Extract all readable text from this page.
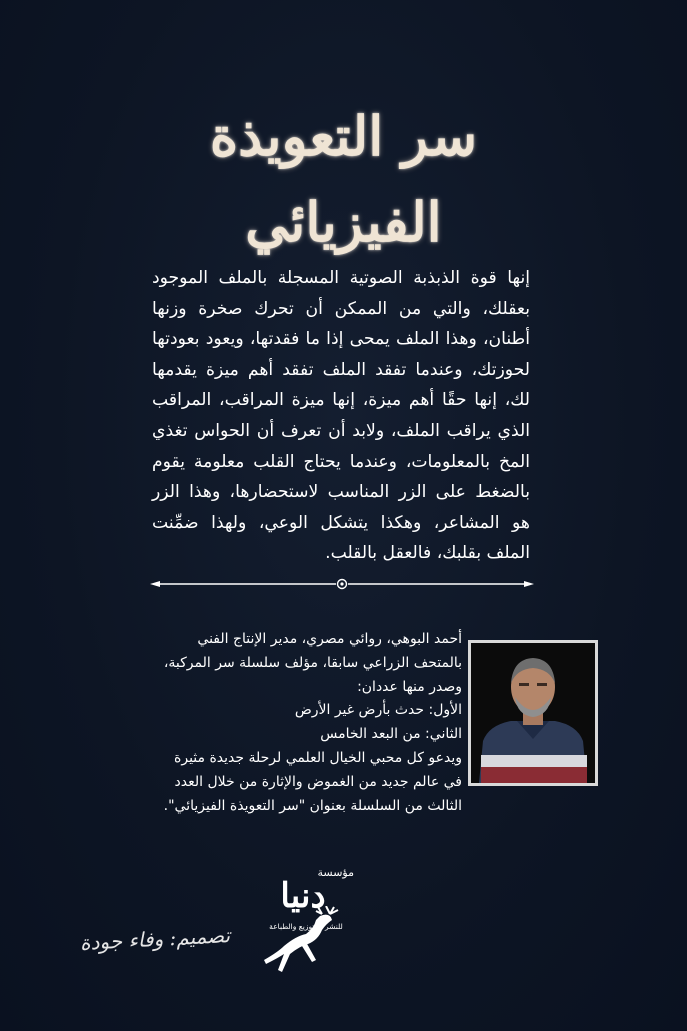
سر التعويذة
الفيزيائي

إنها قوة الذبذبة الصوتية المسجلة بالملف الموجود بعقلك، والتي من الممكن أن تحرك صخرة وزنها أطنان، وهذا الملف يمحى إذا ما فقدتها، ويعود بعودتها لحوزتك، وعندما تفقد الملف تفقد أهم ميزة يقدمها لك، إنها حقًا أهم ميزة، إنها ميزة المراقب، المراقب الذي يراقب الملف، ولابد أن تعرف أن الحواس تغذي المخ بالمعلومات، وعندما يحتاج القلب معلومة يقوم بالضغط على الزر المناسب لاستحضارها، وهذا الزر هو المشاعر، وهكذا يتشكل الوعي، ولهذا ضمِّنت الملف بقلبك، فالعقل بالقلب.

أحمد البوهي، روائي مصري، مدير الإنتاج الفني

بالمتحف الزراعي سابقا، مؤلف سلسلة سر المركبة،

وصدر منها عددان:

الأول: حدث بأرض غير الأرض

الثاني: من البعد الخامس

ويدعو كل محبي الخيال العلمي لرحلة جديدة مثيرة

في عالم جديد من الغموض والإثارة من خلال العدد

الثالث من السلسلة بعنوان "سر التعويذة الفيزيائي".

مؤسسة
دنيا
للنشر والتوزيع والطباعة
تصميم: وفاء جودة
